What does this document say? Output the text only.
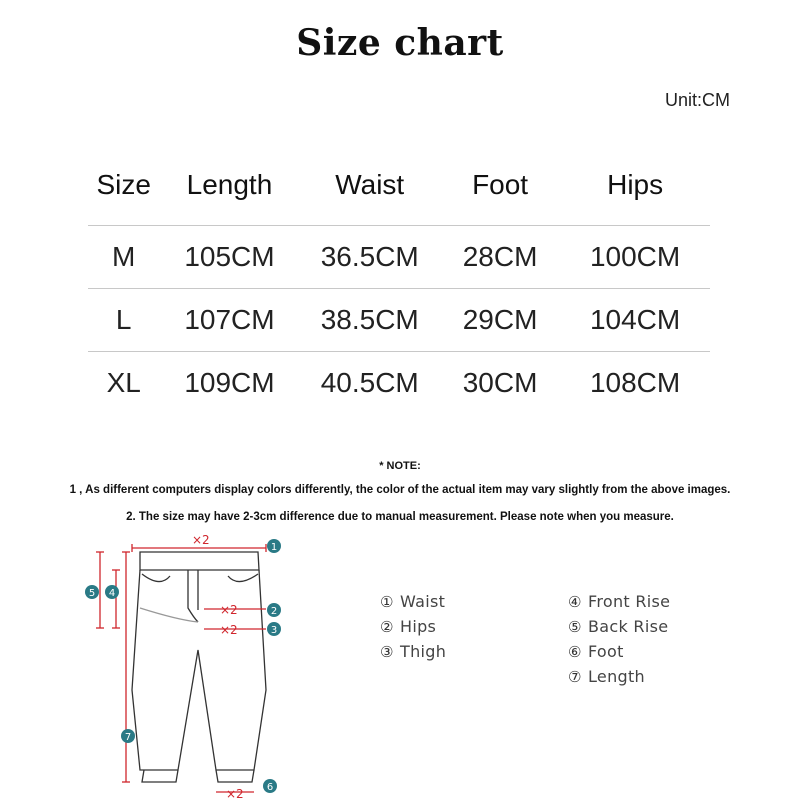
Size chart
Unit:CM
Size	Length	Waist	Foot	Hips
M	105CM	36.5CM	28CM	100CM
L	107CM	38.5CM	29CM	104CM
XL	109CM	40.5CM	30CM	108CM
* NOTE:
1 , As different computers display colors differently, the color of the actual item may vary slightly from the above images.
2. The size may have 2-3cm difference due to manual measurement. Please note when you measure.
×2
×2
×2
×2
1
2
3
4
5
6
7
① Waist
② Hips
③ Thigh
④ Front Rise
⑤ Back Rise
⑥ Foot
⑦ Length
